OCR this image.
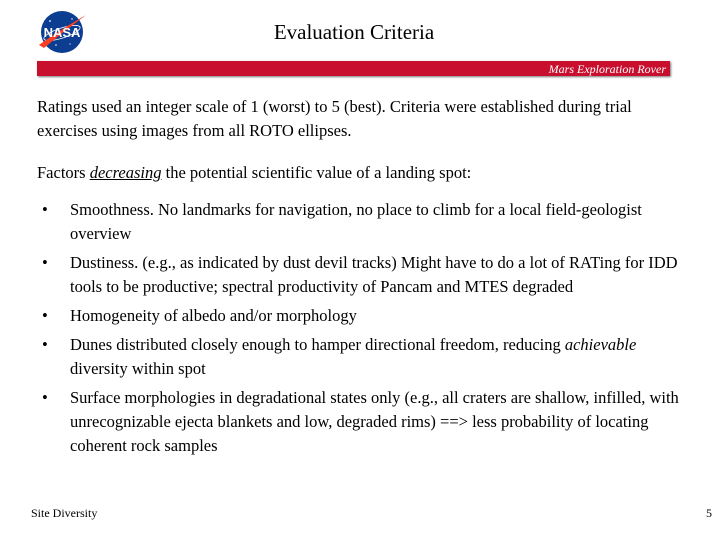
NASA	Evaluation Criteria
Mars Exploration Rover
Ratings used an integer scale of 1 (worst) to 5 (best). Criteria were established during trial exercises using images from all ROTO ellipses.
Factors decreasing the potential scientific value of a landing spot:
• Smoothness. No landmarks for navigation, no place to climb for a local field-geologist overview
• Dustiness. (e.g., as indicated by dust devil tracks) Might have to do a lot of RATing for IDD tools to be productive; spectral productivity of Pancam and MTES degraded
• Homogeneity of albedo and/or morphology
• Dunes distributed closely enough to hamper directional freedom, reducing achievable diversity within spot
• Surface morphologies in degradational states only (e.g., all craters are shallow, infilled, with unrecognizable ejecta blankets and low, degraded rims) ==> less probability of locating coherent rock samples
Site Diversity	5
